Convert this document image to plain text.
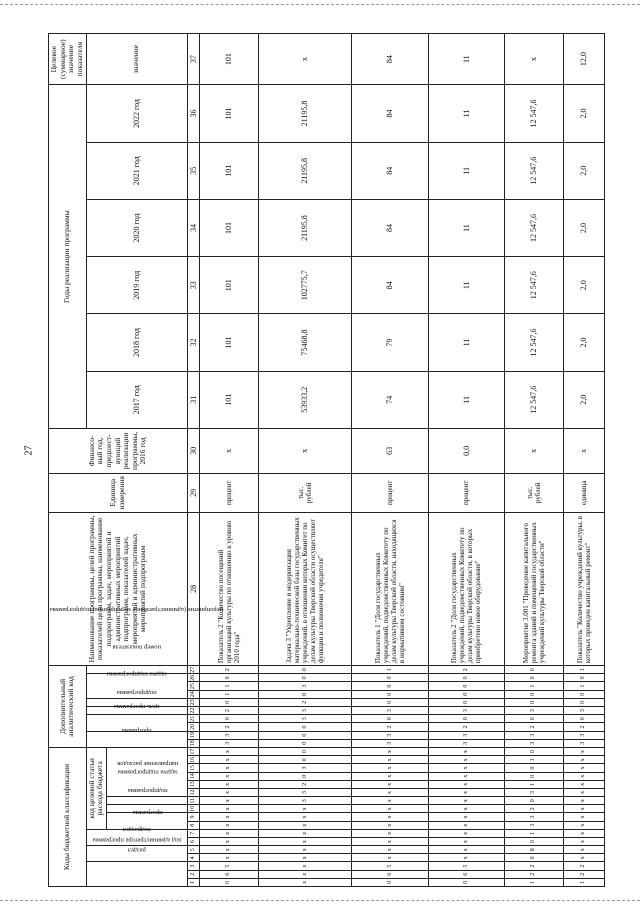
27
Коды бюджетной классификации																	Дополнительный аналитический код										Наименование программы, целей программы, показателей цели программы, наименование подпрограмм, задач, мероприятий и административных мероприятий подпрограмм, показателей задач, мероприятий и административных мероприятий подпрограмм	Единица измерения	Финансо-вый год, предшест-вующий реализации программы, 2016 год	Годы реализации программы						Целевое (суммарное) значение показателя
код администратора программы			раздел		подраздел		код целевой статьи расхода бюджета										программа		цель программы		подпрограмма	задача подпрограммы	мероприятие (административное мероприятие) подпрограммы			номер показателя				2017 год	2018 год	2019 год	2020 год	2021 год	2022 год	значение
							программа		подпрограмма	задача подпрограммы	направление расходов																									
1	2	3	4	5	6	7	8	9	10	11	12	13	14	15	16	17	18	19	20	21	22	23	24	25	26	27	28	29	30	31	32	33	34	35	36	37
0	6	5	x	x	x	x	x	x	x	x	x	x	x	x	x	x	3	3	2	0	2	0	1	1	0	2	Показатель 2 "Количество посещений организаций культуры по отношению к уровню 2010 года"	процент	x	101	101	101	101	101	101	101
x	x	x	x	x	x	x	x	x	x	3	3	2	0	3	0	0	0	0	0	3	3	2	0	3	0	0	Задача 3 "Укрепление и модернизация материально-технической базы государственных учреждений, в отношении которых Комитет по делам культуры Тверской области осуществляет функции и полномочия учредителя"	тыс. рублей	x	53933,2	75468,8	102775,7	21195,8	21195,8	21195,8	x
0	6	5	x	x	x	x	x	x	x	x	x	x	x	x	x	x	3	3	2	0	3	0	0	0	0	1	Показатель 1 "Доля государственных учреждений, подведомственных Комитету по делам культуры Тверской области, находящихся в нормативном состоянии"	процент	63	74	79	84	84	84	84	84
0	6	5	x	x	x	x	x	x	x	x	x	x	x	x	x	x	3	3	2	0	3	0	0	0	0	2	Показатель 2 "Доля государственных учреждений, подведомственных Комитету по делам культуры Тверской области, в которых приобретено новое оборудование"	процент	0,0	11	11	11	11	11	11	11
1	2	2	0	8	0	1	3	3	2	0	3	1	0	0	1	0	3	3	2	0	3	0	0	1	0	0	Мероприятие 3.001 "Проведение капитального ремонта зданий и помещений государственных учреждений культуры Тверской области"	тыс. рублей	x	12 547,6	12 547,6	12 547,6	12 547,6	12 547,6	12 547,6	x
1	2	2	x	x	x	x	x	x	x	x	x	x	x	x	x	x	3	3	2	0	3	0	0	1	0	1	Показатель "Количество учреждений культуры, в которых проведен капитальный ремонт"	единица	x	2,0	2,0	2,0	2,0	2,0	2,0	12,0
